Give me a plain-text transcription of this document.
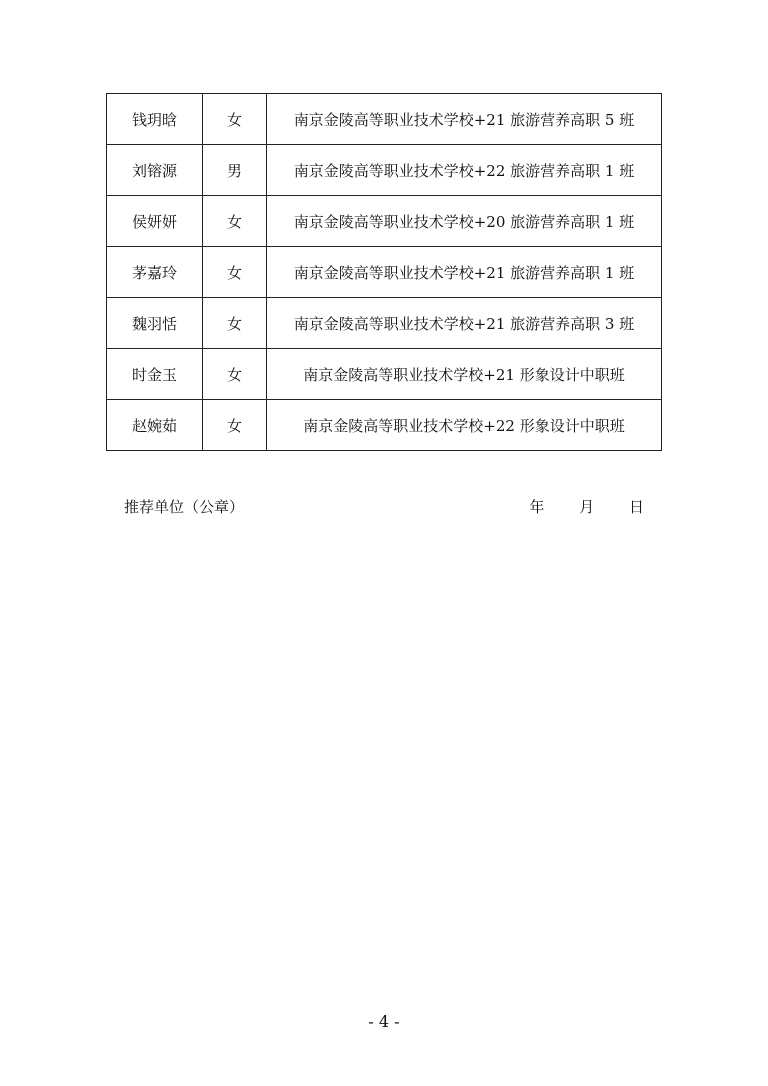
钱玥晗	女	南京金陵高等职业技术学校+21 旅游营养高职 5 班
刘镕源	男	南京金陵高等职业技术学校+22 旅游营养高职 1 班
侯妍妍	女	南京金陵高等职业技术学校+20 旅游营养高职 1 班
茅嘉玲	女	南京金陵高等职业技术学校+21 旅游营养高职 1 班
魏羽恬	女	南京金陵高等职业技术学校+21 旅游营养高职 3 班
时金玉	女	南京金陵高等职业技术学校+21 形象设计中职班
赵婉茹	女	南京金陵高等职业技术学校+22 形象设计中职班
推荐单位（公章）	年 月 日
- 4 -
